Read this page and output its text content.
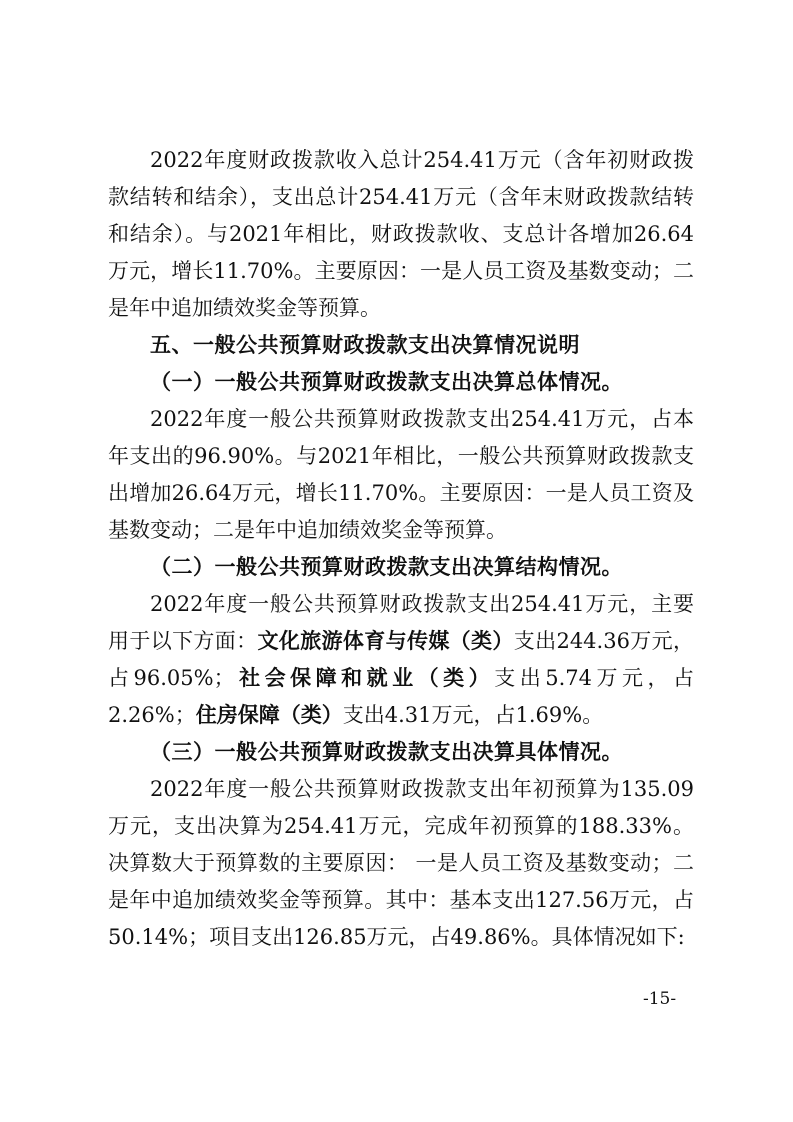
2022年度财政拨款收入总计254.41万元（含年初财政拨款结转和结余），支出总计254.41万元（含年末财政拨款结转和结余）。与2021年相比，财政拨款收、支总计各增加26.64万元，增长11.70%。主要原因：一是人员工资及基数变动；二是年中追加绩效奖金等预算。

五、一般公共预算财政拨款支出决算情况说明

（一）一般公共预算财政拨款支出决算总体情况。

2022年度一般公共预算财政拨款支出254.41万元，占本年支出的96.90%。与2021年相比，一般公共预算财政拨款支出增加26.64万元，增长11.70%。主要原因：一是人员工资及基数变动；二是年中追加绩效奖金等预算。

（二）一般公共预算财政拨款支出决算结构情况。

2022年度一般公共预算财政拨款支出254.41万元，主要用于以下方面：文化旅游体育与传媒（类）支出244.36万元，占96.05%；社会保障和就业（类）支出5.74万元，占2.26%；住房保障（类）支出4.31万元，占1.69%。

（三）一般公共预算财政拨款支出决算具体情况。

2022年度一般公共预算财政拨款支出年初预算为135.09万元，支出决算为254.41万元，完成年初预算的188.33%。决算数大于预算数的主要原因： 一是人员工资及基数变动；二是年中追加绩效奖金等预算。其中：基本支出127.56万元，占50.14%；项目支出126.85万元，占49.86%。具体情况如下:

-15-
